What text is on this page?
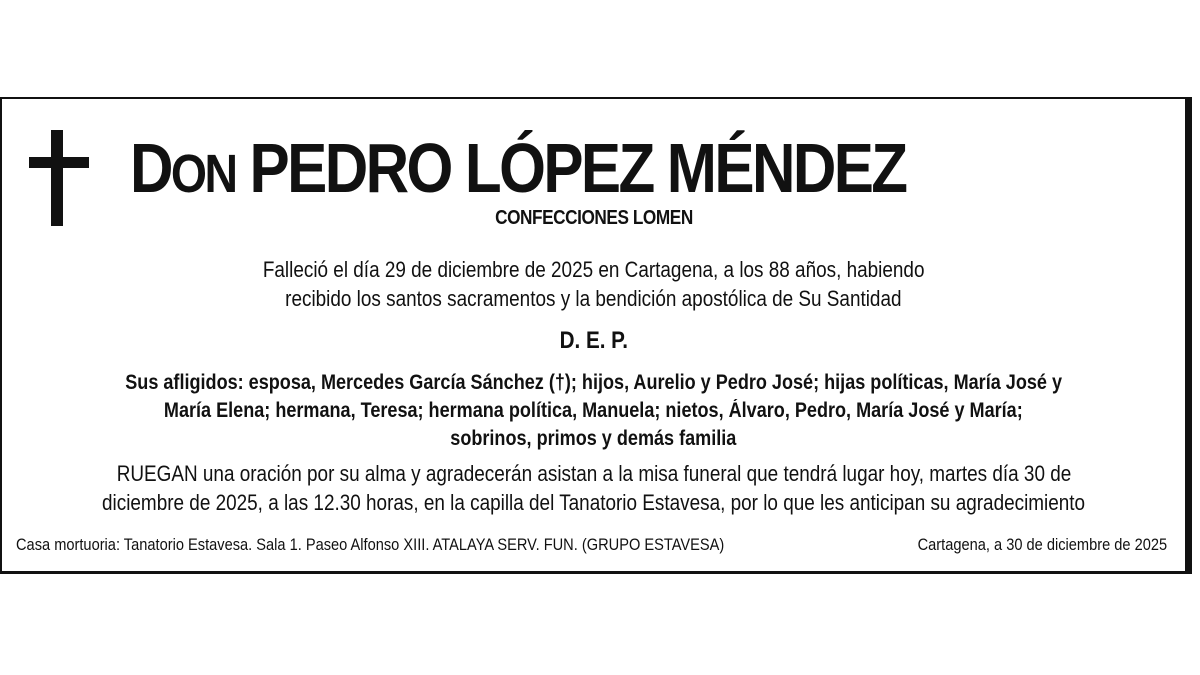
DON PEDRO LÓPEZ MÉNDEZ
CONFECCIONES LOMEN
Falleció el día 29 de diciembre de 2025 en Cartagena, a los 88 años, habiendo
recibido los santos sacramentos y la bendición apostólica de Su Santidad
D. E. P.
Sus afligidos: esposa, Mercedes García Sánchez (†); hijos, Aurelio y Pedro José; hijas políticas, María José y
María Elena; hermana, Teresa; hermana política, Manuela; nietos, Álvaro, Pedro, María José y María;
sobrinos, primos y demás familia
RUEGAN una oración por su alma y agradecerán asistan a la misa funeral que tendrá lugar hoy, martes día 30 de
diciembre de 2025, a las 12.30 horas, en la capilla del Tanatorio Estavesa, por lo que les anticipan su agradecimiento
Casa mortuoria: Tanatorio Estavesa. Sala 1. Paseo Alfonso XIII. ATALAYA SERV. FUN. (GRUPO ESTAVESA)	Cartagena, a 30 de diciembre de 2025
